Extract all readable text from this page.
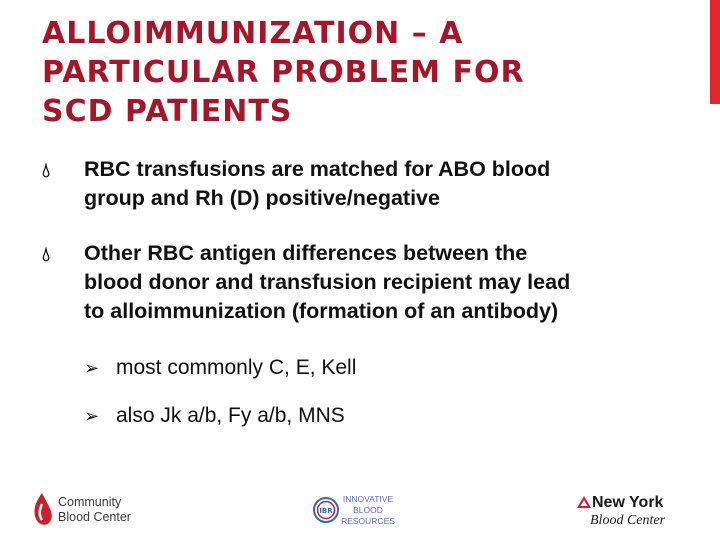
ALLOIMMUNIZATION – A
PARTICULAR PROBLEM FOR
SCD PATIENTS
💧︎	RBC transfusions are matched for ABO blood
group and Rh (D) positive/negative
💧︎	Other RBC antigen differences between the
blood donor and transfusion recipient may lead
to alloimmunization (formation of an antibody)
➢ most commonly C, E, Kell
➢ also Jk a/b, Fy a/b, MNS
Community
Blood Center	IBR
INNOVATIVE
BLOOD
RESOURCES
New York
Blood Center
